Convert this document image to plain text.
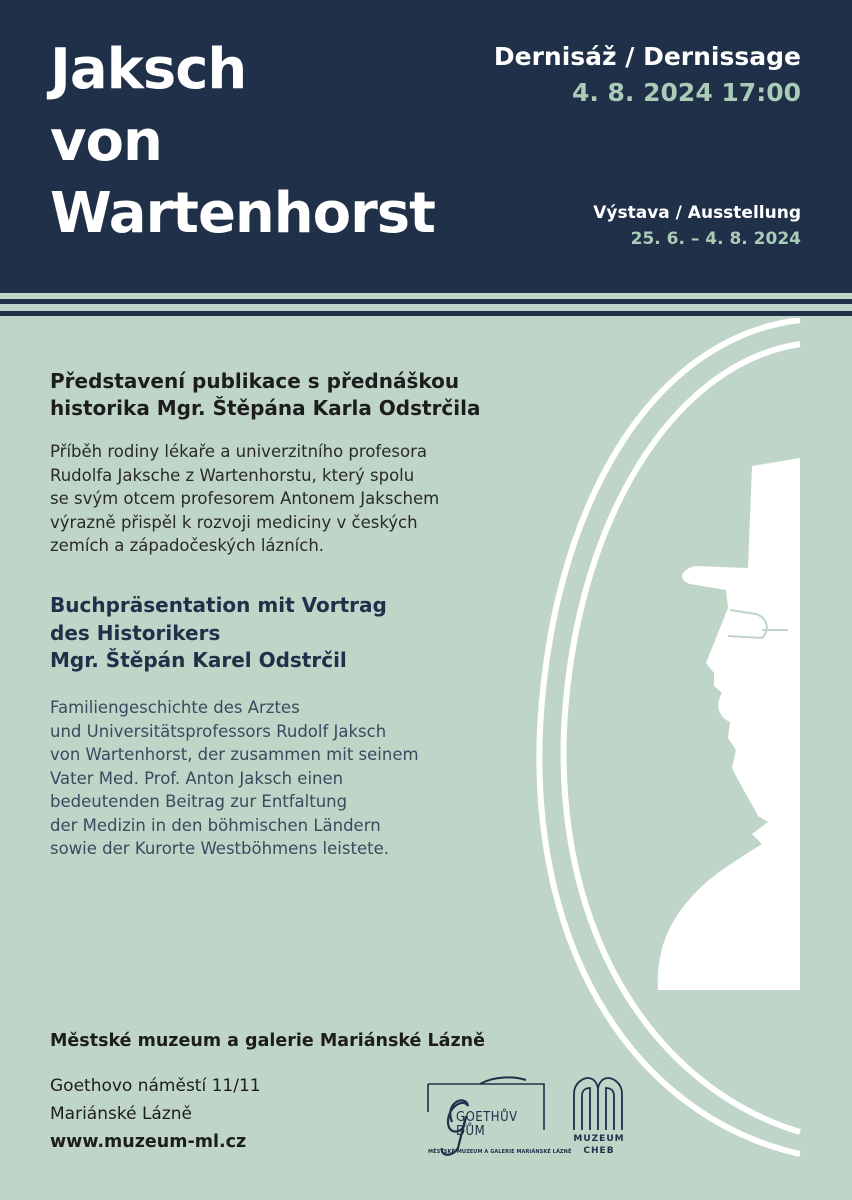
Jaksch
von
Wartenhorst
Dernisáž / Dernissage
4. 8. 2024 17:00
Výstava / Ausstellung
25. 6. – 4. 8. 2024
Představení publikace s přednáškou
historika Mgr. Štěpána Karla Odstrčila
Příběh rodiny lékaře a univerzitního profesora
Rudolfa Jaksche z Wartenhorstu, který spolu
se svým otcem profesorem Antonem Jakschem
výrazně přispěl k rozvoji mediciny v českých
zemích a západočeských lázních.
Buchpräsentation mit Vortrag
des Historikers
Mgr. Štěpán Karel Odstrčil
Familiengeschichte des Arztes
und Universitätsprofessors Rudolf Jaksch
von Wartenhorst, der zusammen mit seinem
Vater Med. Prof. Anton Jaksch einen
bedeutenden Beitrag zur Entfaltung
der Medizin in den böhmischen Ländern
sowie der Kurorte Westböhmens leistete.
Městské muzeum a galerie Mariánské Lázně
Goethovo náměstí 11/11
Mariánské Lázně
www.muzeum-ml.cz
GOETHŮV
DŮM
MĚSTSKÉ MUZEUM A GALERIE MARIÁNSKÉ LÁZNĚ
MUZEUM
CHEB
